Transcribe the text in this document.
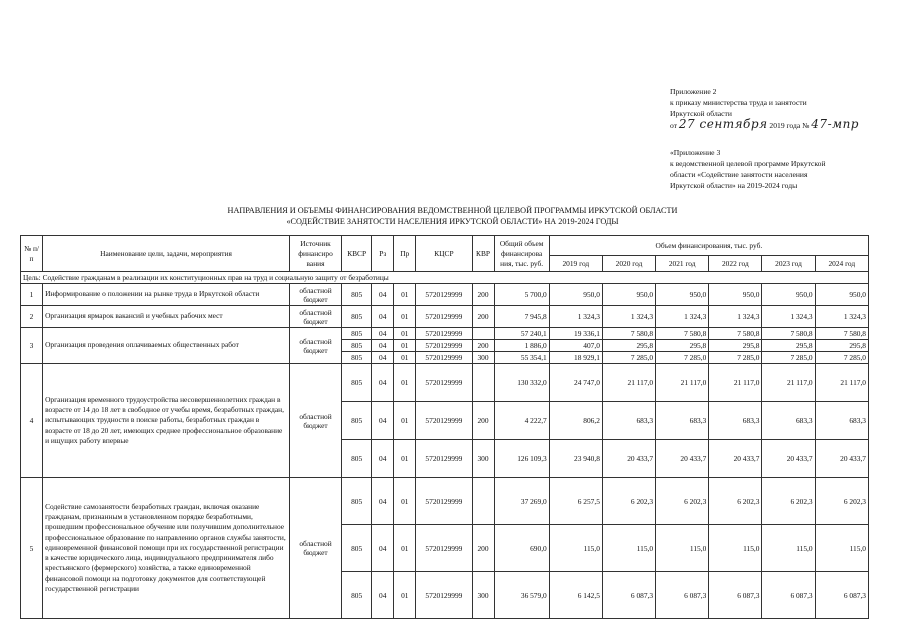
Приложение 2
к приказу министерства труда и занятости
Иркутской области
от 27 сентября 2019 года № 47-мпр
«Приложение 3
к ведомственной целевой программе Иркутской
области «Содействие занятости населения
Иркутской области» на 2019-2024 годы
НАПРАВЛЕНИЯ И ОБЪЕМЫ ФИНАНСИРОВАНИЯ ВЕДОМСТВЕННОЙ ЦЕЛЕВОЙ ПРОГРАММЫ ИРКУТСКОЙ ОБЛАСТИ
«СОДЕЙСТВИЕ ЗАНЯТОСТИ НАСЕЛЕНИЯ ИРКУТСКОЙ ОБЛАСТИ» НА 2019-2024 ГОДЫ
№ п/п	Наименование цели, задачи, мероприятия	Источник финансиро вания	КВСР	Рз	Пр	КЦСР	КВР	Общий объем финансирова ния, тыс. руб.	Объем финансирования, тыс. руб.					
									2019 год	2020 год	2021 год	2022 год	2023 год	2024 год
Цель: Содействие гражданам в реализации их конституционных прав на труд и социальную защиту от безработицы														
1	Информирование о положении на рынке труда в Иркутской области	областной бюджет	805	04	01	5720129999	200	5 700,0	950,0	950,0	950,0	950,0	950,0	950,0
2	Организация ярмарок вакансий и учебных рабочих мест	областной бюджет	805	04	01	5720129999	200	7 945,8	1 324,3	1 324,3	1 324,3	1 324,3	1 324,3	1 324,3
3	Организация проведения оплачиваемых общественных работ	областной бюджет	805	04	01	5720129999		57 240,1	19 336,1	7 580,8	7 580,8	7 580,8	7 580,8	7 580,8
			805	04	01	5720129999	200	1 886,0	407,0	295,8	295,8	295,8	295,8	295,8
			805	04	01	5720129999	300	55 354,1	18 929,1	7 285,0	7 285,0	7 285,0	7 285,0	7 285,0
4	Организация временного трудоустройства несовершеннолетних граждан в возрасте от 14 до 18 лет в свободное от учебы время, безработных граждан, испытывающих трудности в поиске работы, безработных граждан в возрасте от 18 до 20 лет, имеющих среднее профессиональное образование и ищущих работу впервые	областной бюджет	805	04	01	5720129999		130 332,0	24 747,0	21 117,0	21 117,0	21 117,0	21 117,0	21 117,0
			805	04	01	5720129999	200	4 222,7	806,2	683,3	683,3	683,3	683,3	683,3
			805	04	01	5720129999	300	126 109,3	23 940,8	20 433,7	20 433,7	20 433,7	20 433,7	20 433,7
5	Содействие самозанятости безработных граждан, включая оказание гражданам, признанным в установленном порядке безработными, прошедшим профессиональное обучение или получившим дополнительное профессиональное образование по направлению органов службы занятости, единовременной финансовой помощи при их государственной регистрации в качестве юридического лица, индивидуального предпринимателя либо крестьянского (фермерского) хозяйства, а также единовременной финансовой помощи на подготовку документов для соответствующей государственной регистрации	областной бюджет	805	04	01	5720129999		37 269,0	6 257,5	6 202,3	6 202,3	6 202,3	6 202,3	6 202,3
			805	04	01	5720129999	200	690,0	115,0	115,0	115,0	115,0	115,0	115,0
			805	04	01	5720129999	300	36 579,0	6 142,5	6 087,3	6 087,3	6 087,3	6 087,3	6 087,3
